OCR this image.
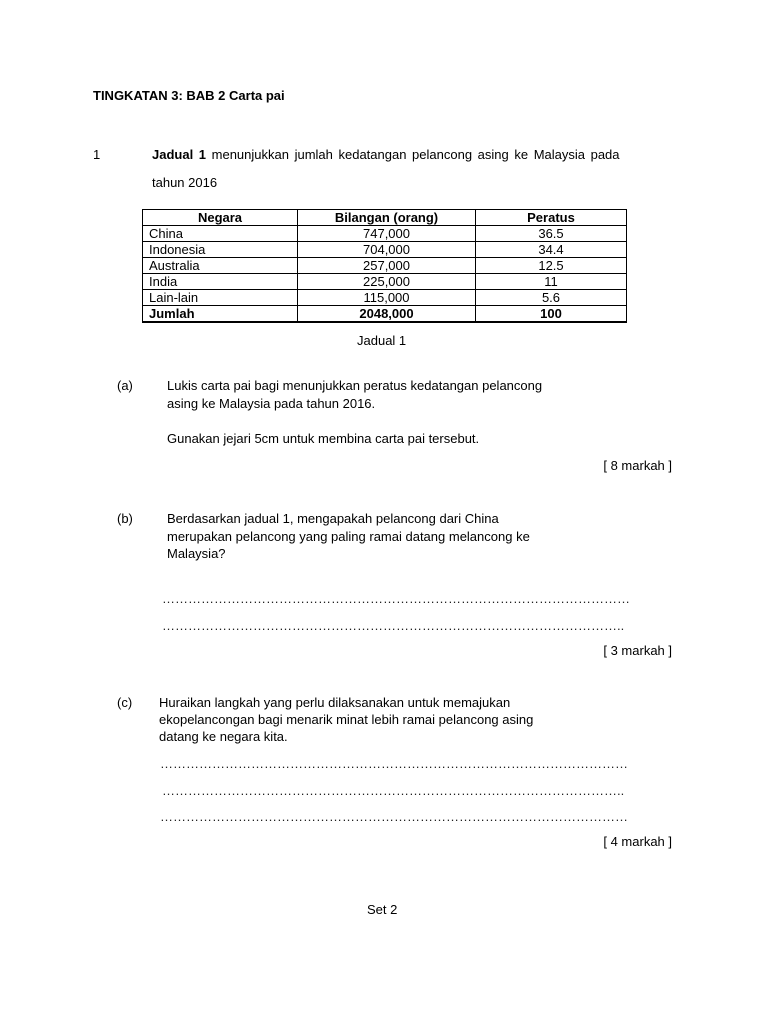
TINGKATAN 3: BAB 2 Carta pai
1	Jadual 1 menunjukkan jumlah kedatangan pelancong asing ke Malaysia pada
tahun 2016
Negara	Bilangan (orang)	Peratus
China	747,000	36.5
Indonesia	704,000	34.4
Australia	257,000	12.5
India	225,000	11
Lain-lain	115,000	5.6
Jumlah	2048,000	100
Jadual 1
(a)	Lukis carta pai bagi menunjukkan peratus kedatangan pelancong
asing ke Malaysia pada tahun 2016.
Gunakan jejari 5cm untuk membina carta pai tersebut.
[ 8 markah ]
(b)	Berdasarkan jadual 1, mengapakah pelancong dari China
merupakan pelancong yang paling ramai datang melancong ke
Malaysia?
………………………………………………………………………………………………
……………………………………………………………………………………………..
[ 3 markah ]
(c) Huraikan langkah yang perlu dilaksanakan untuk memajukan
ekopelancongan bagi menarik minat lebih ramai pelancong asing
datang ke negara kita.
………………………………………………………………………………………………
……………………………………………………………………………………………..
………………………………………………………………………………………………
[ 4 markah ]
Set 2
